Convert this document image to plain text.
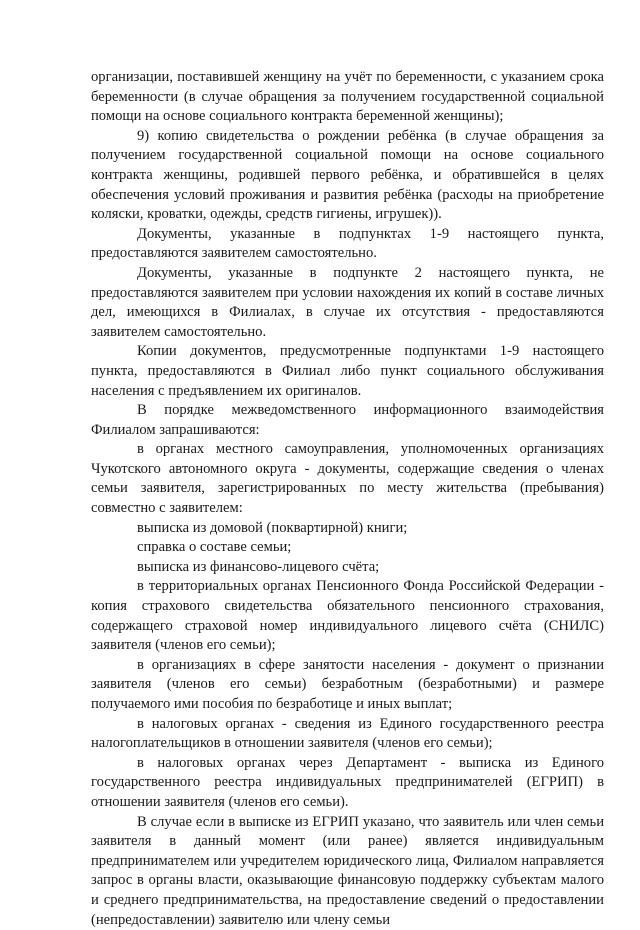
организации, поставившей женщину на учёт по беременности, с указанием срока беременности (в случае обращения за получением государственной социальной помощи на основе социального контракта беременной женщины);

9) копию свидетельства о рождении ребёнка (в случае обращения за получением государственной социальной помощи на основе социального контракта женщины, родившей первого ребёнка, и обратившейся в целях обеспечения условий проживания и развития ребёнка (расходы на приобретение коляски, кроватки, одежды, средств гигиены, игрушек)).

Документы, указанные в подпунктах 1-9 настоящего пункта, предоставляются заявителем самостоятельно.

Документы, указанные в подпункте 2 настоящего пункта, не предоставляются заявителем при условии нахождения их копий в составе личных дел, имеющихся в Филиалах, в случае их отсутствия - предоставляются заявителем самостоятельно.

Копии документов, предусмотренные подпунктами 1-9 настоящего пункта, предоставляются в Филиал либо пункт социального обслуживания населения с предъявлением их оригиналов.

В порядке межведомственного информационного взаимодействия Филиалом запрашиваются:

в органах местного самоуправления, уполномоченных организациях Чукотского автономного округа - документы, содержащие сведения о членах семьи заявителя, зарегистрированных по месту жительства (пребывания) совместно с заявителем:

выписка из домовой (поквартирной) книги;

справка о составе семьи;

выписка из финансово-лицевого счёта;

в территориальных органах Пенсионного Фонда Российской Федерации - копия страхового свидетельства обязательного пенсионного страхования, содержащего страховой номер индивидуального лицевого счёта (СНИЛС) заявителя (членов его семьи);

в организациях в сфере занятости населения - документ о признании заявителя (членов его семьи) безработным (безработными) и размере получаемого ими пособия по безработице и иных выплат;

в налоговых органах - сведения из Единого государственного реестра налогоплательщиков в отношении заявителя (членов его семьи);

в налоговых органах через Департамент - выписка из Единого государственного реестра индивидуальных предпринимателей (ЕГРИП) в отношении заявителя (членов его семьи).

В случае если в выписке из ЕГРИП указано, что заявитель или член семьи заявителя в данный момент (или ранее) является индивидуальным предпринимателем или учредителем юридического лица, Филиалом направляется запрос в органы власти, оказывающие финансовую поддержку субъектам малого и среднего предпринимательства, на предоставление сведений о предоставлении (непредоставлении) заявителю или члену семьи
